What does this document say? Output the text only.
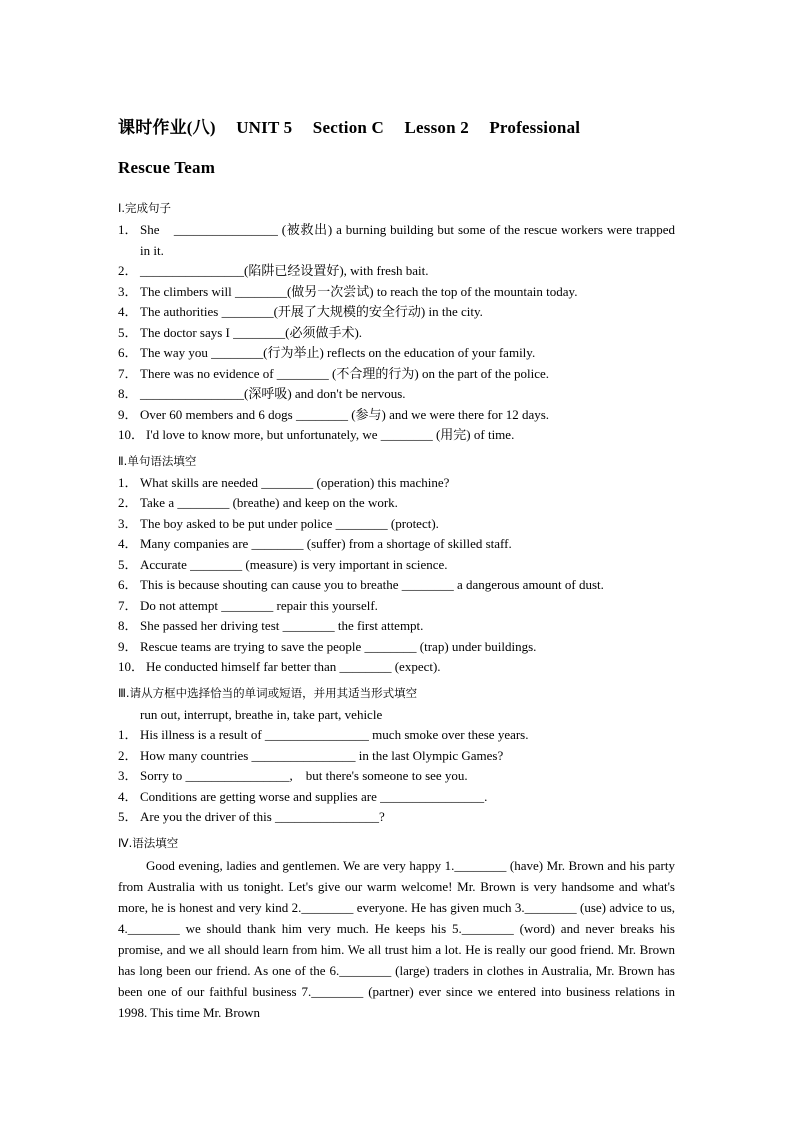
课时作业(八) UNIT 5 Section C Lesson 2 Professional
Rescue Team
Ⅰ.完成句子

1． She　________________ (被救出) a burning building but some of the rescue workers were trapped in it.

2． ________________(陷阱已经设置好), with fresh bait.

3． The climbers will ________(做另一次尝试) to reach the top of the mountain today.

4． The authorities ________(开展了大规模的安全行动) in the city.

5． The doctor says I ________(必须做手术).

6． The way you ________(行为举止) reflects on the education of your family.

7． There was no evidence of ________ (不合理的行为) on the part of the police.

8． ________________(深呼吸) and don't be nervous.

9． Over 60 members and 6 dogs ________ (参与) and we were there for 12 days.

10． I'd love to know more, but unfortunately, we ________ (用完) of time.

Ⅱ.单句语法填空

1． What skills are needed ________ (operation) this machine?

2． Take a ________ (breathe) and keep on the work.

3． The boy asked to be put under police ________ (protect).

4． Many companies are ________ (suffer) from a shortage of skilled staff.

5． Accurate ________ (measure) is very important in science.

6． This is because shouting can cause you to breathe ________ a dangerous amount of dust.

7． Do not attempt ________ repair this yourself.

8． She passed her driving test ________ the first attempt.

9． Rescue teams are trying to save the people ________ (trap) under buildings.

10． He conducted himself far better than ________ (expect).

Ⅲ.请从方框中选择恰当的单词或短语，并用其适当形式填空

run out, interrupt, breathe in, take part, vehicle

1． His illness is a result of ________________ much smoke over these years.

2． How many countries ________________ in the last Olympic Games?

3． Sorry to ________________,　but there's someone to see you.

4． Conditions are getting worse and supplies are ________________.

5． Are you the driver of this ________________?

Ⅳ.语法填空

Good evening, ladies and gentlemen. We are very happy 1.________ (have) Mr. Brown and his party from Australia with us tonight. Let's give our warm welcome! Mr. Brown is very handsome and what's more, he is honest and very kind 2.________ everyone. He has given much 3.________ (use) advice to us, 4.________ we should thank him very much. He keeps his 5.________ (word) and never breaks his promise, and we all should learn from him. We all trust him a lot. He is really our good friend. Mr. Brown has long been our friend. As one of the 6.________ (large) traders in clothes in Australia, Mr. Brown has been one of our faithful business 7.________ (partner) ever since we entered into business relations in 1998. This time Mr. Brown
